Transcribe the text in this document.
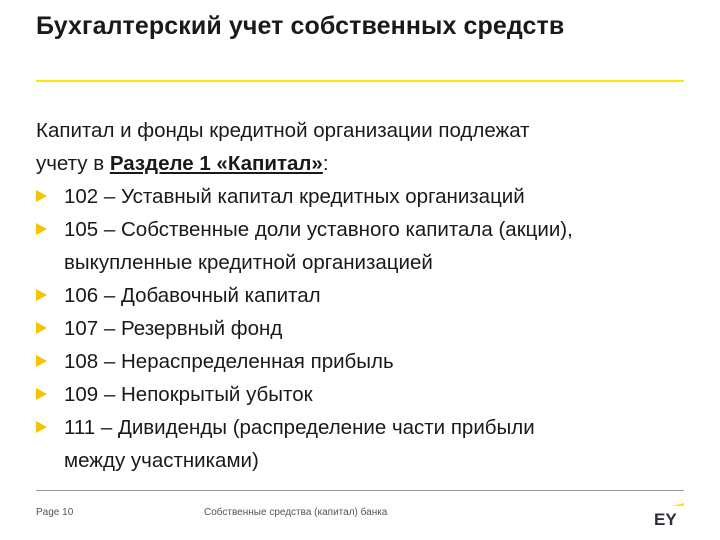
Бухгалтерский учет собственных средств
Капитал и фонды кредитной организации подлежат
учету в Разделе 1 «Капитал»:
102 – Уставный капитал кредитных организаций
105 – Собственные доли уставного капитала (акции),
выкупленные кредитной организацией
106 – Добавочный капитал
107 – Резервный фонд
108 – Нераспределенная прибыль
109 – Непокрытый убыток
111 – Дивиденды (распределение части прибыли
между участниками)
Page 10	Собственные средства (капитал) банка	EY
